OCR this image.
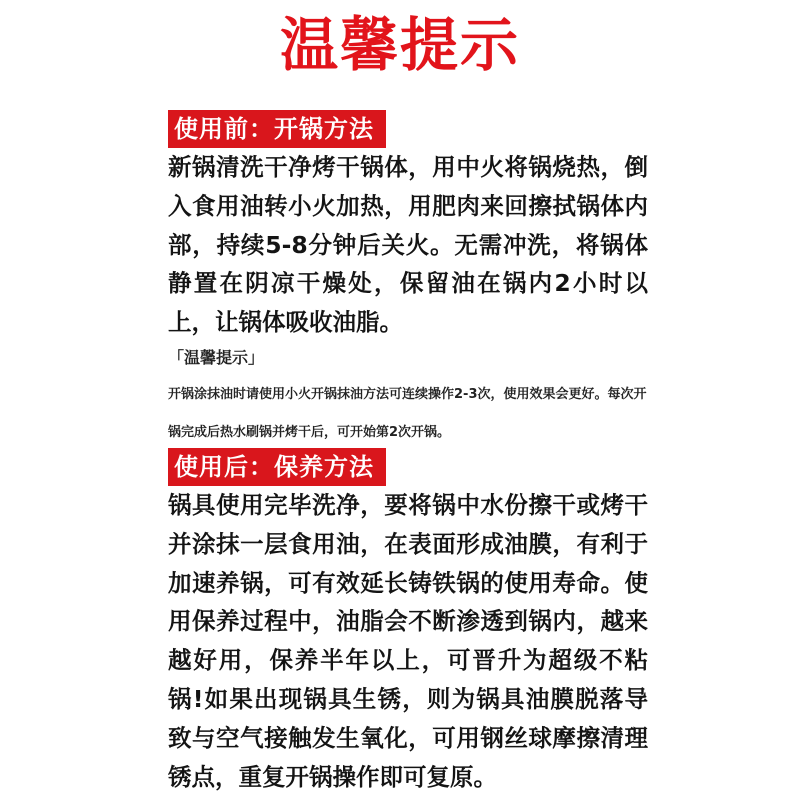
温馨提示
使用前：开锅方法

新锅清洗干净烤干锅体，用中火将锅烧热，倒入食用油转小火加热，用肥肉来回擦拭锅体内部，持续5-8分钟后关火。无需冲洗，将锅体静置在阴凉干燥处，保留油在锅内2小时以上，让锅体吸收油脂。

「温馨提示」

开锅涂抹油时请使用小火开锅抹油方法可连续操作2-3次，使用效果会更好。每次开锅完成后热水刷锅并烤干后，可开始第2次开锅。

使用后：保养方法

锅具使用完毕洗净，要将锅中水份擦干或烤干并涂抹一层食用油，在表面形成油膜，有利于加速养锅，可有效延长铸铁锅的使用寿命。使用保养过程中，油脂会不断渗透到锅内，越来越好用，保养半年以上，可晋升为超级不粘锅!如果出现锅具生锈，则为锅具油膜脱落导致与空气接触发生氧化，可用钢丝球摩擦清理锈点，重复开锅操作即可复原。
